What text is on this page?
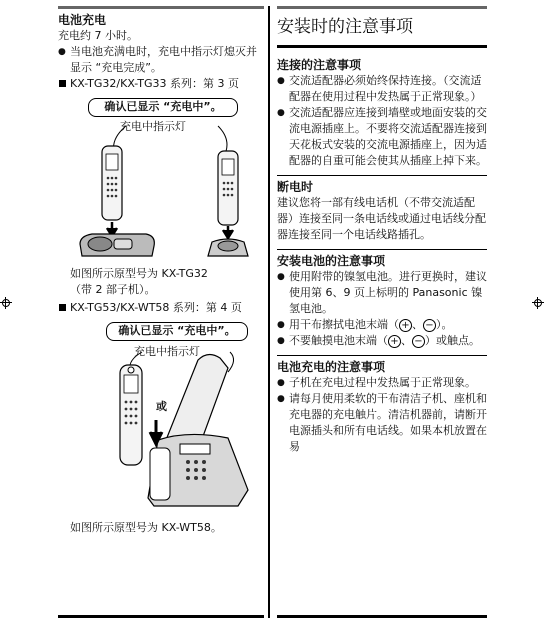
电池充电

充电约 7 小时。

● 当电池充满电时，充电中指示灯熄灭并显示 “充电完成”。
KX-TG32/KX-TG33 系列：第 3 页
确认已显示 “充电中”。
充电中指示灯

如图所示原型号为 KX-TG32

（带 2 部子机）。

KX-TG53/KX-WT58 系列：第 4 页
确认已显示 “充电中”。
充电中指示灯
或

如图所示原型号为 KX-WT58。

安装时的注意事项
连接的注意事项
● 交流适配器必须始终保持连接。（交流适配器在使用过程中发热属于正常现象。）
● 交流适配器应连接到墙壁或地面安装的交流电源插座上。不要将交流适配器连接到天花板式安装的交流电源插座上，因为适配器的自重可能会使其从插座上掉下来。
断电时

建议您将一部有线电话机（不带交流适配器）连接至同一条电话线或通过电话线分配器连接至同一个电话线路插孔。

安装电池的注意事项
● 使用附带的镍氢电池。进行更换时，建议使用第 6、9 页上标明的 Panasonic 镍氢电池。
● 用干布擦拭电池末端（ + 、 − ）。
● 不要触摸电池末端（ + 、 − ）或触点。
电池充电的注意事项
● 子机在充电过程中发热属于正常现象。
● 请每月使用柔软的干布清洁子机、座机和充电器的充电触片。清洁机器前，请断开电源插头和所有电话线。如果本机放置在易
